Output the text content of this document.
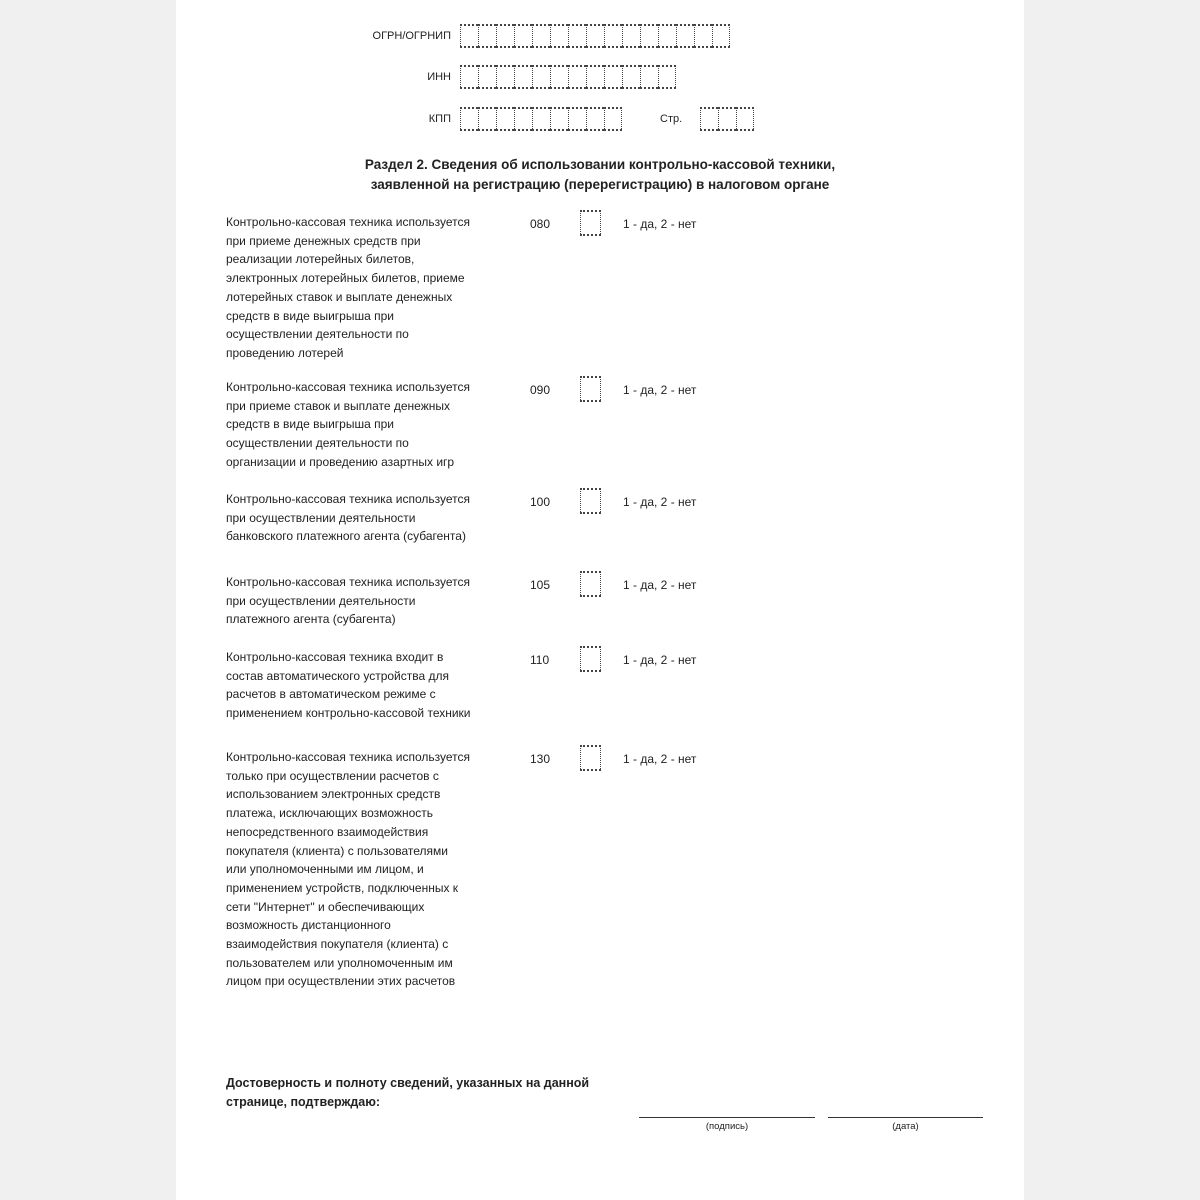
ОГРН/ОГРНИП
ИНН
КПП	Стр.
Раздел 2. Сведения об использовании контрольно-кассовой техники,
заявленной на регистрацию (перерегистрацию) в налоговом органе
Контрольно-кассовая техника используется
при приеме денежных средств при
реализации лотерейных билетов,
электронных лотерейных билетов, приеме
лотерейных ставок и выплате денежных
средств в виде выигрыша при
осуществлении деятельности по
проведению лотерей
080	1 - да, 2 - нет
Контрольно-кассовая техника используется
при приеме ставок и выплате денежных
средств в виде выигрыша при
осуществлении деятельности по
организации и проведению азартных игр
090	1 - да, 2 - нет
Контрольно-кассовая техника используется
при осуществлении деятельности
банковского платежного агента (субагента)
100	1 - да, 2 - нет
Контрольно-кассовая техника используется
при осуществлении деятельности
платежного агента (субагента)
105	1 - да, 2 - нет
Контрольно-кассовая техника входит в
состав автоматического устройства для
расчетов в автоматическом режиме с
применением контрольно-кассовой техники
110	1 - да, 2 - нет
Контрольно-кассовая техника используется
только при осуществлении расчетов с
использованием электронных средств
платежа, исключающих возможность
непосредственного взаимодействия
покупателя (клиента) с пользователями
или уполномоченными им лицом, и
применением устройств, подключенных к
сети "Интернет" и обеспечивающих
возможность дистанционного
взаимодействия покупателя (клиента) с
пользователем или уполномоченным им
лицом при осуществлении этих расчетов
130	1 - да, 2 - нет
Достоверность и полноту сведений, указанных на данной
странице, подтверждаю:
(подпись)	(дата)
